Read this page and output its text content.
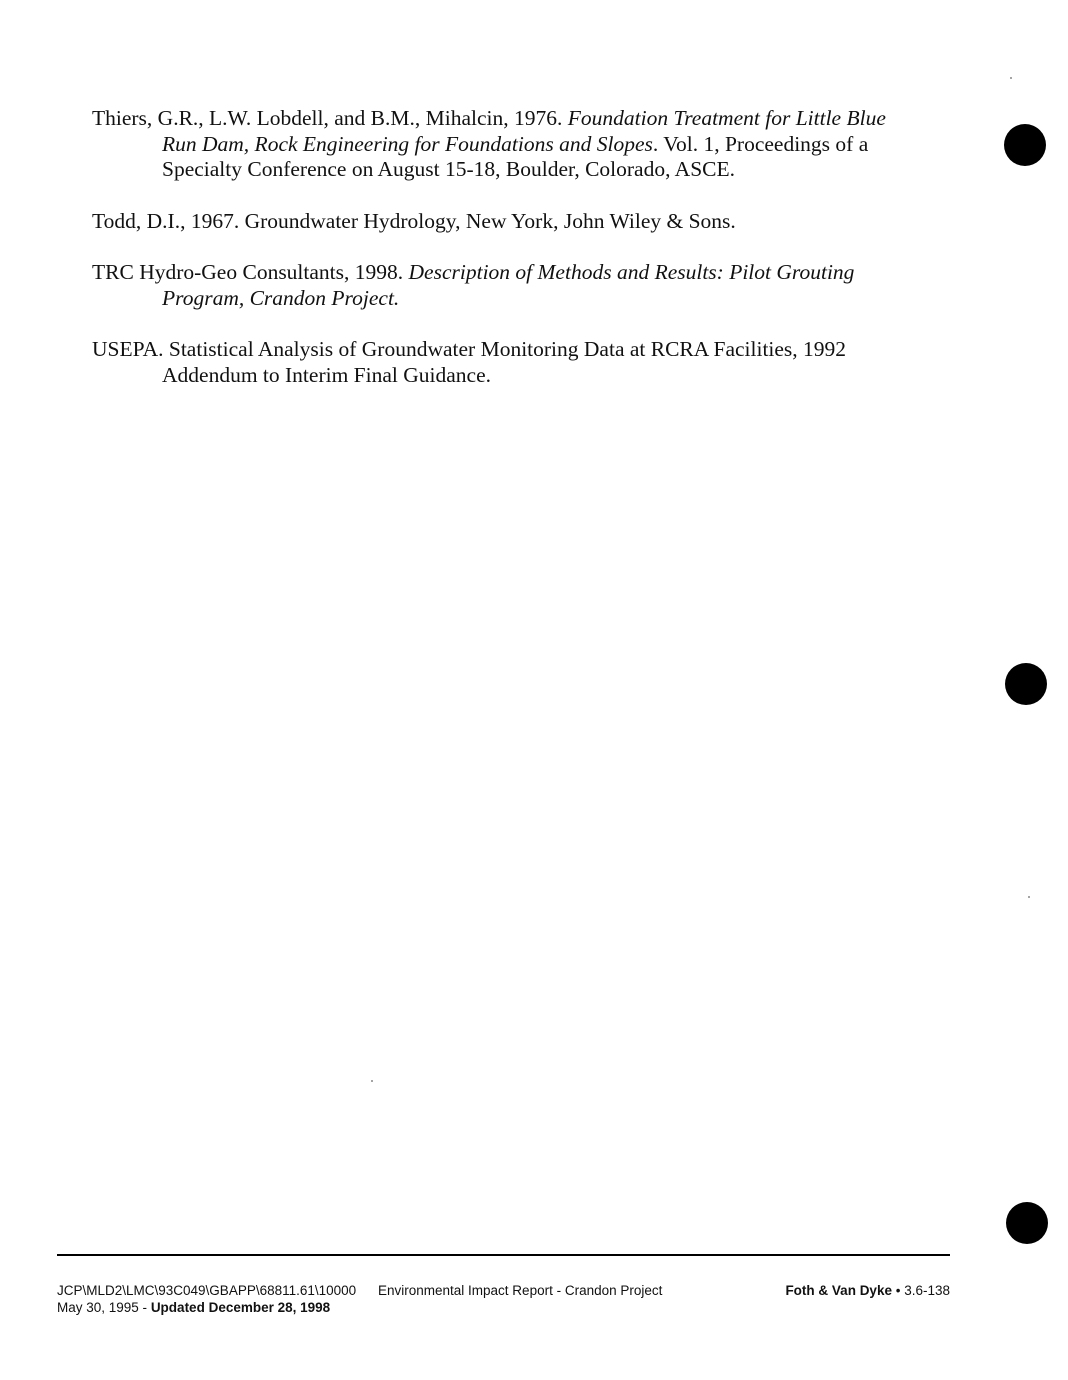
Thiers, G.R., L.W. Lobdell, and B.M., Mihalcin, 1976. Foundation Treatment for Little Blue Run Dam, Rock Engineering for Foundations and Slopes. Vol. 1, Proceedings of a Specialty Conference on August 15-18, Boulder, Colorado, ASCE.

Todd, D.I., 1967. Groundwater Hydrology, New York, John Wiley & Sons.

TRC Hydro-Geo Consultants, 1998. Description of Methods and Results: Pilot Grouting Program, Crandon Project.

USEPA. Statistical Analysis of Groundwater Monitoring Data at RCRA Facilities, 1992 Addendum to Interim Final Guidance.

JCP\MLD2\LMC\93C049\GBAPP\68811.61\10000
May 30, 1995 - Updated December 28, 1998
Environmental Impact Report - Crandon Project	Foth & Van Dyke • 3.6-138
